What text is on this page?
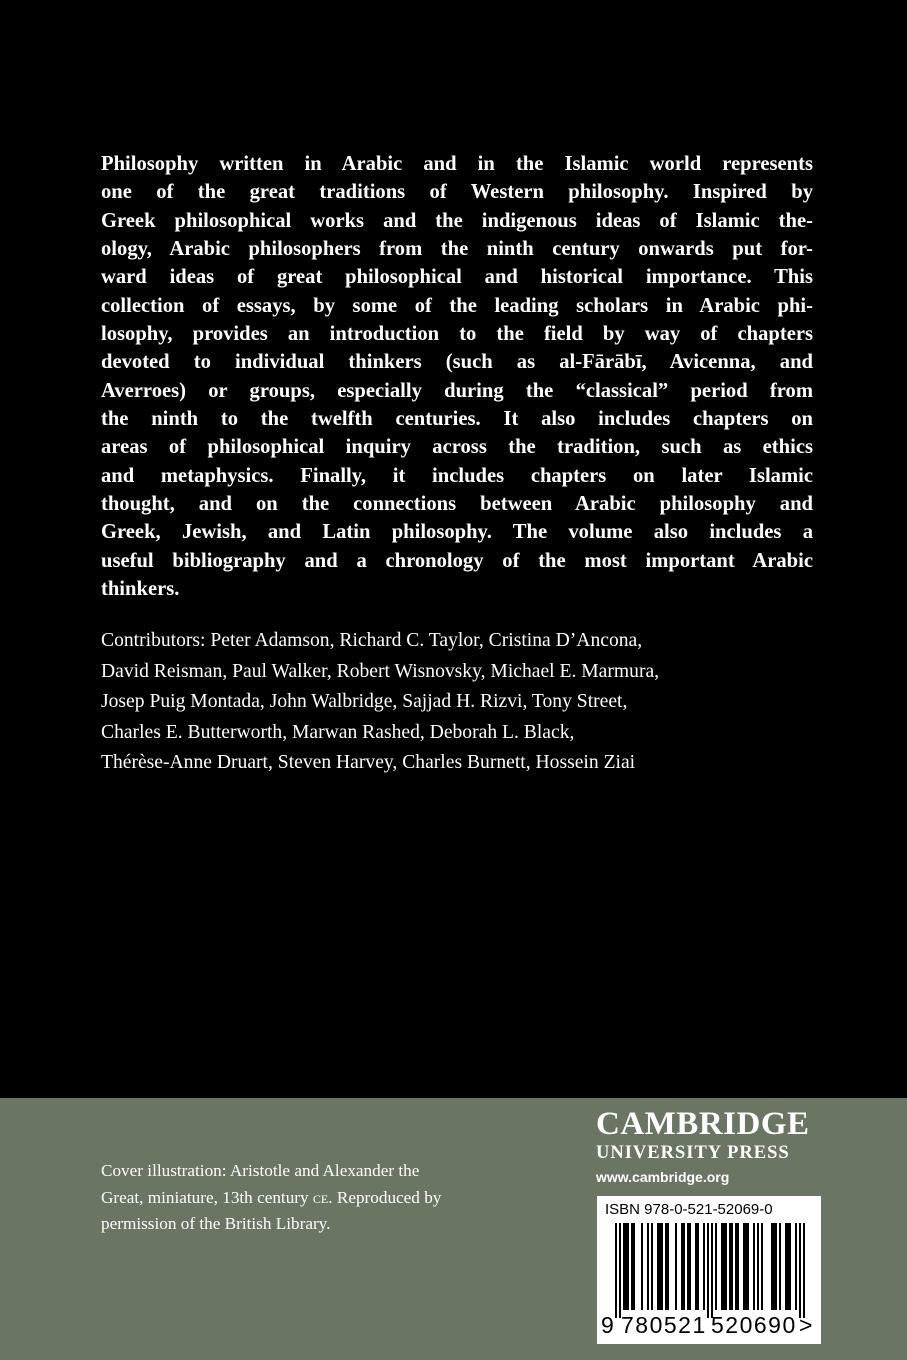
Philosophy written in Arabic and in the Islamic world represents
one of the great traditions of Western philosophy. Inspired by
Greek philosophical works and the indigenous ideas of Islamic the-
ology, Arabic philosophers from the ninth century onwards put for-
ward ideas of great philosophical and historical importance. This
collection of essays, by some of the leading scholars in Arabic phi-
losophy, provides an introduction to the field by way of chapters
devoted to individual thinkers (such as al-Fārābī, Avicenna, and
Averroes) or groups, especially during the “classical” period from
the ninth to the twelfth centuries. It also includes chapters on
areas of philosophical inquiry across the tradition, such as ethics
and metaphysics. Finally, it includes chapters on later Islamic
thought, and on the connections between Arabic philosophy and
Greek, Jewish, and Latin philosophy. The volume also includes a
useful bibliography and a chronology of the most important Arabic
thinkers.
Contributors: Peter Adamson, Richard C. Taylor, Cristina D’Ancona,
David Reisman, Paul Walker, Robert Wisnovsky, Michael E. Marmura,
Josep Puig Montada, John Walbridge, Sajjad H. Rizvi, Tony Street,
Charles E. Butterworth, Marwan Rashed, Deborah L. Black,
Thérèse-Anne Druart, Steven Harvey, Charles Burnett, Hossein Ziai
Cover illustration: Aristotle and Alexander the
Great, miniature, 13th century ce. Reproduced by
permission of the British Library.
CAMBRIDGE
UNIVERSITY PRESS
www.cambridge.org
ISBN 978-0-521-52069-0
9 780521 520690 >
